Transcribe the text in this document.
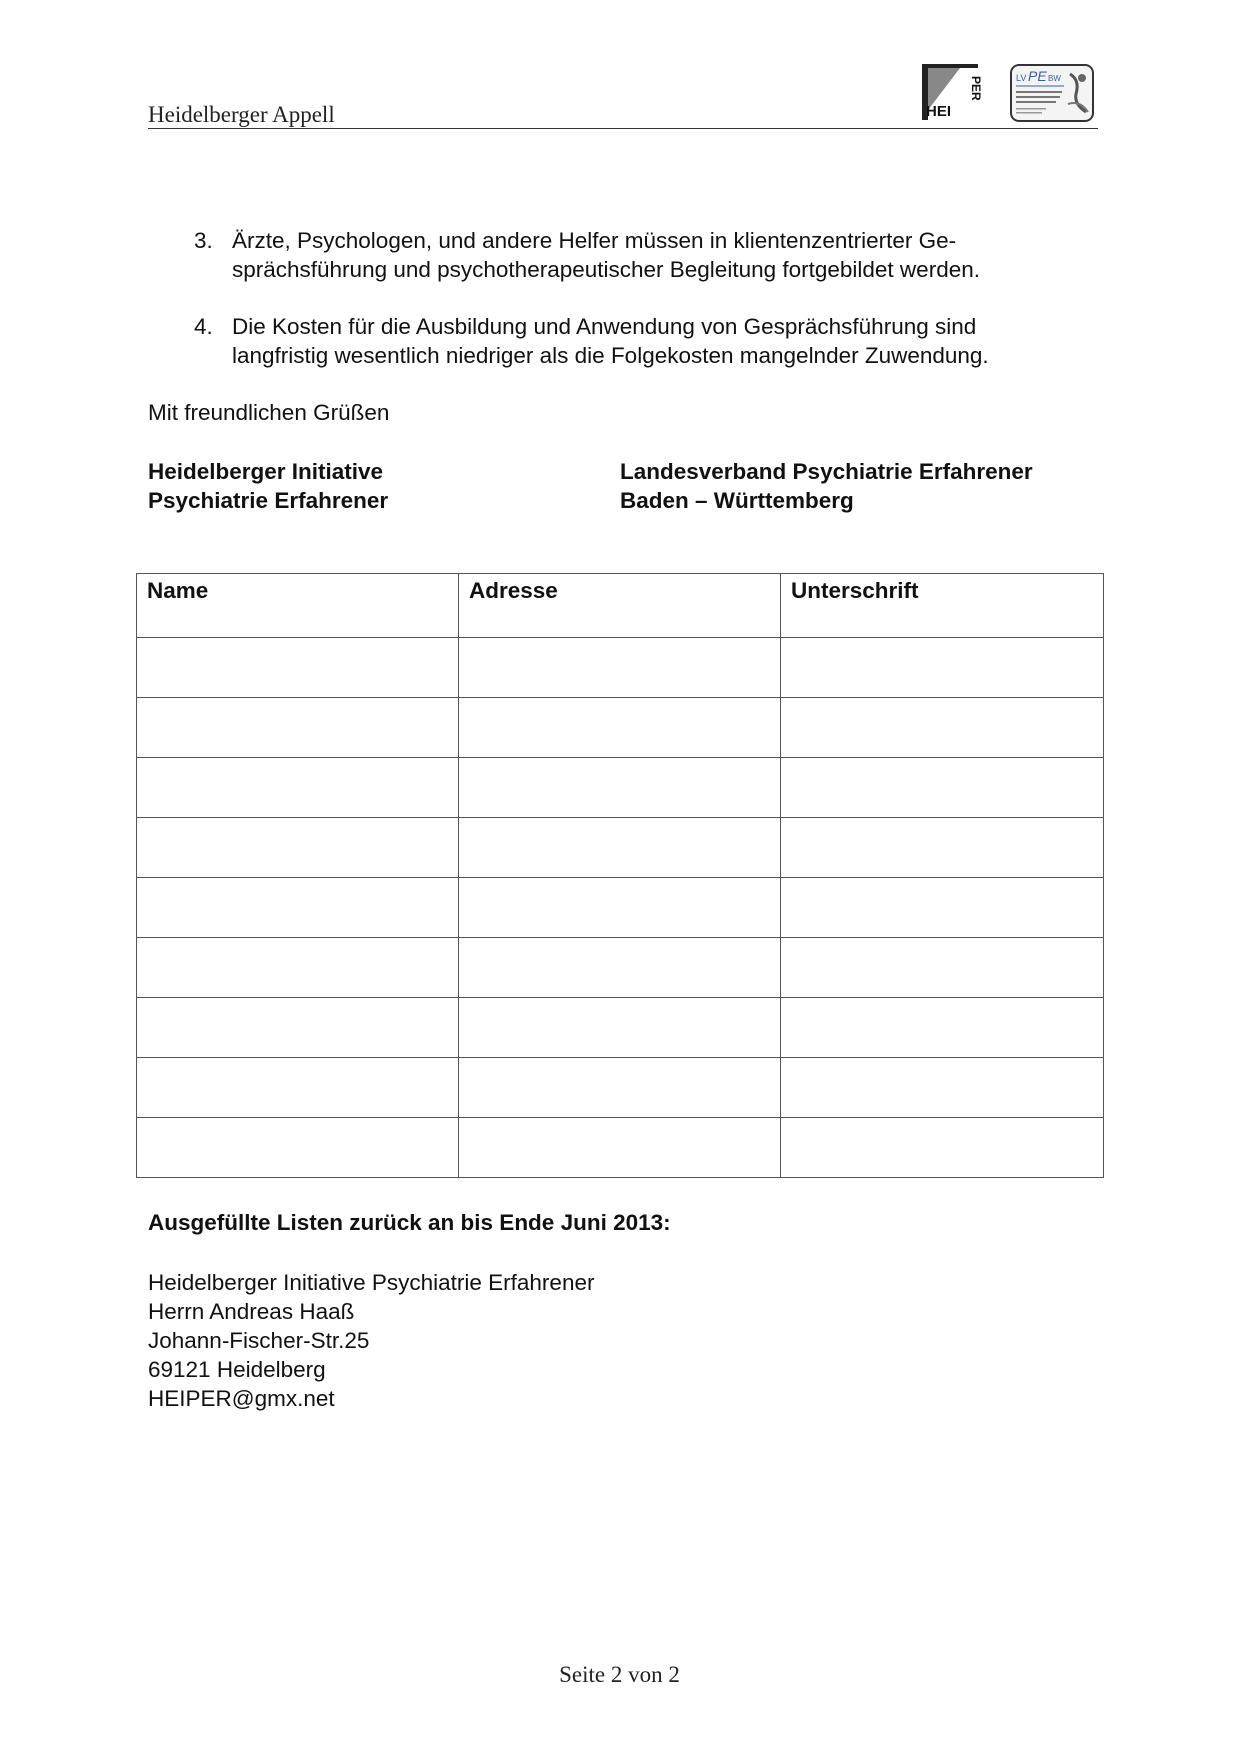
Heidelberger Appell	HEI
PER	LV PE BW
3. Ärzte, Psychologen, und andere Helfer müssen in klientenzentrierter Ge-
sprächsführung und psychotherapeutischer Begleitung fortgebildet werden.
4. Die Kosten für die Ausbildung und Anwendung von Gesprächsführung sind
langfristig wesentlich niedriger als die Folgekosten mangelnder Zuwendung.
Mit freundlichen Grüßen
Heidelberger Initiative
Psychiatrie Erfahrener
Landesverband Psychiatrie Erfahrener
Baden – Württemberg
Name	Adresse	Unterschrift

Ausgefüllte Listen zurück an bis Ende Juni 2013:
Heidelberger Initiative Psychiatrie Erfahrener
Herrn Andreas Haaß
Johann-Fischer-Str.25
69121 Heidelberg
HEIPER@gmx.net
Seite 2 von 2
